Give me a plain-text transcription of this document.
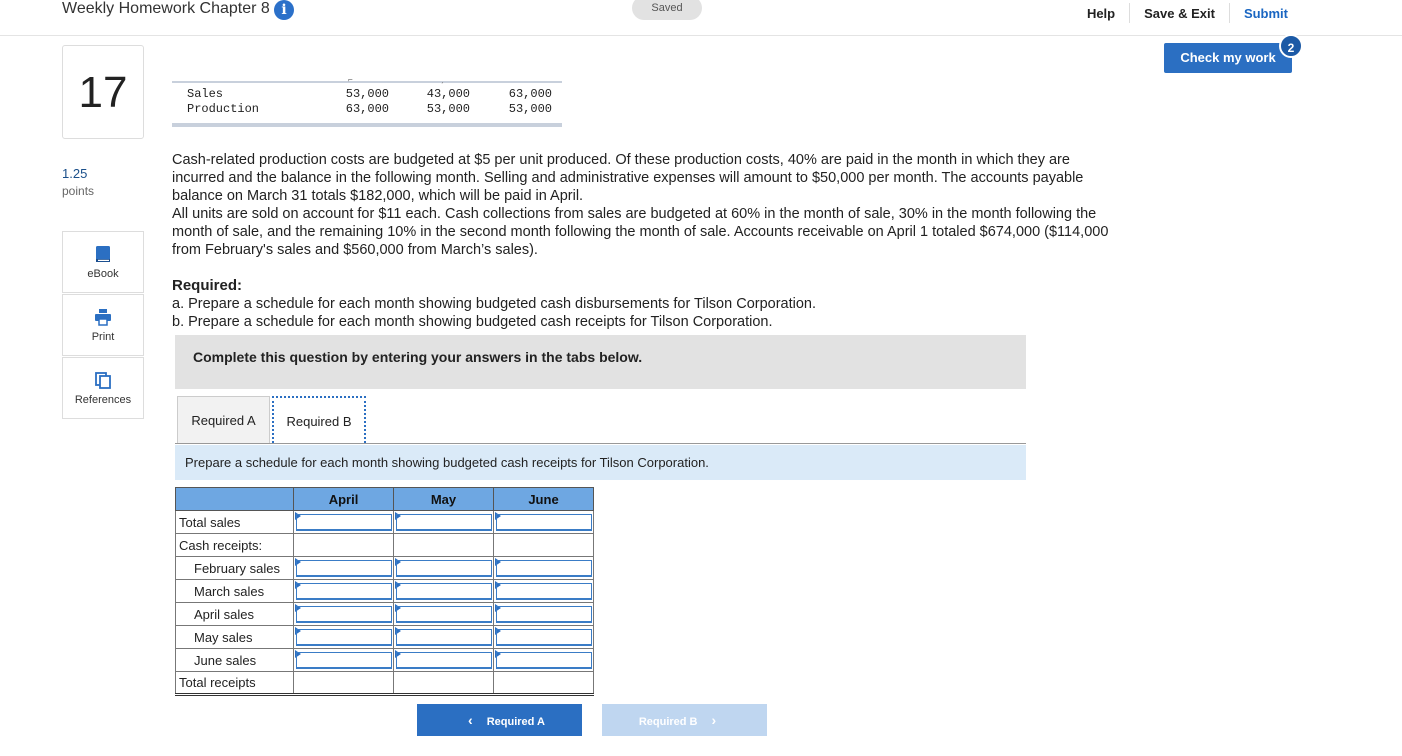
Weekly Homework Chapter 8 i	Saved	Help	Save & Exit	Submit
Check my work
2
17
1.25
points
eBook
Print
References
⌐	ˏ
Sales	53,000	43,000	63,000
Production	63,000	53,000	53,000
Cash-related production costs are budgeted at $5 per unit produced. Of these production costs, 40% are paid in the month in which they are incurred and the balance in the following month. Selling and administrative expenses will amount to $50,000 per month. The accounts payable balance on March 31 totals $182,000, which will be paid in April.
All units are sold on account for $11 each. Cash collections from sales are budgeted at 60% in the month of sale, 30% in the month following the month of sale, and the remaining 10% in the second month following the month of sale. Accounts receivable on April 1 totaled $674,000 ($114,000 from February's sales and $560,000 from March’s sales).
Required:
a. Prepare a schedule for each month showing budgeted cash disbursements for Tilson Corporation.
b. Prepare a schedule for each month showing budgeted cash receipts for Tilson Corporation.
Complete this question by entering your answers in the tabs below.
Required A	Required B
Prepare a schedule for each month showing budgeted cash receipts for Tilson Corporation.
	April	May	June
Total sales	

Cash receipts:			
February sales	

March sales	

April sales	

May sales	

June sales	

Total receipts			
‹ Required A	Required B ›
